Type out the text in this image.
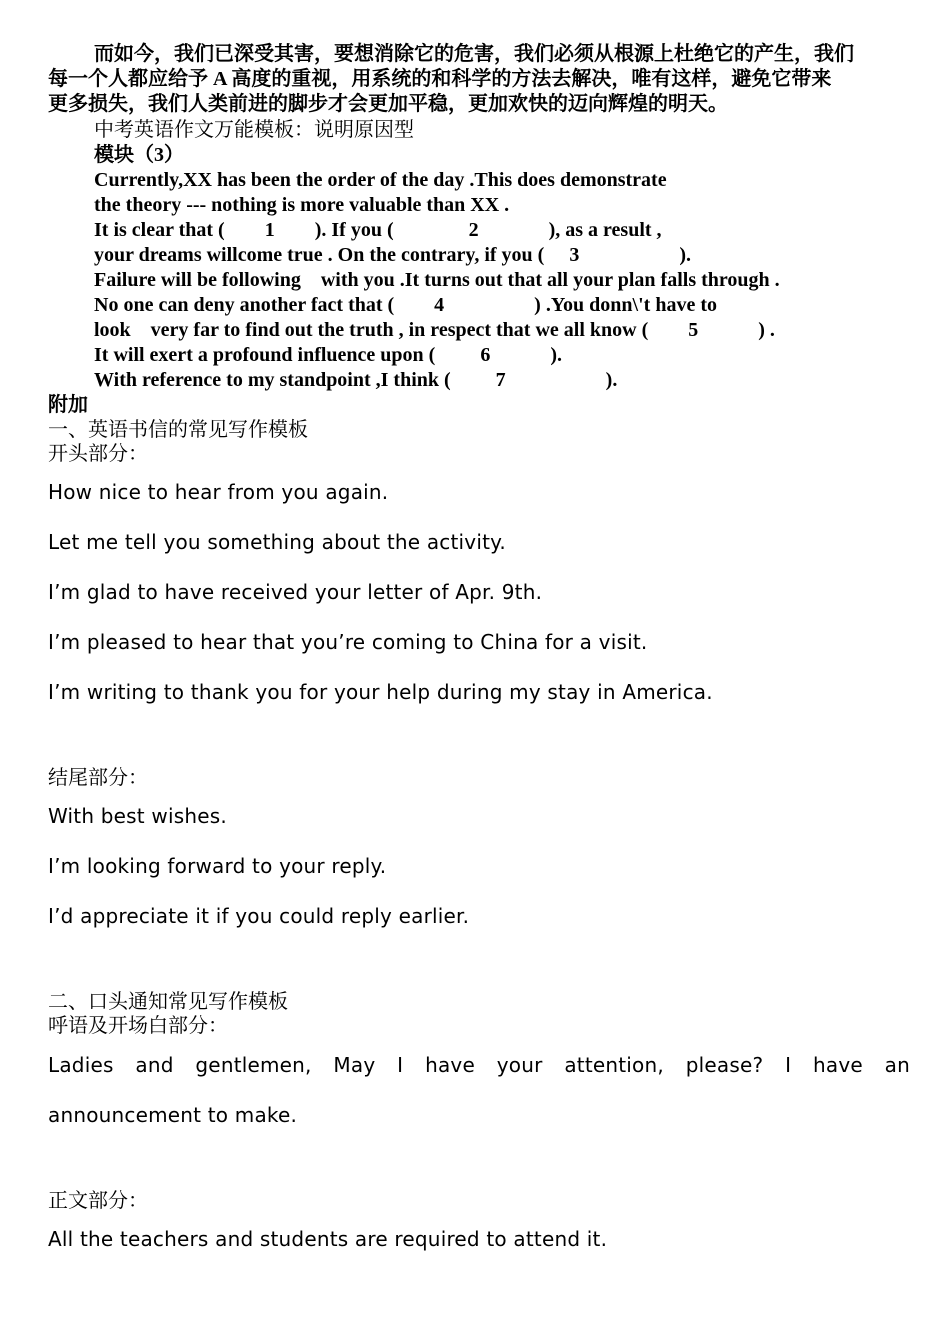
而如今，我们已深受其害，要想消除它的危害，我们必须从根源上杜绝它的产生，我们
每一个人都应给予 A 高度的重视，用系统的和科学的方法去解决，唯有这样，避免它带来
更多损失，我们人类前进的脚步才会更加平稳，更加欢快的迈向辉煌的明天。
中考英语作文万能模板：说明原因型
模块（3）
Currently,XX has been the order of the day .This does demonstrate
the theory --- nothing is more valuable than XX .
It is clear that (        1        ). If you (               2              ), as a result ,
your dreams willcome true . On the contrary, if you (     3                    ).
Failure will be following    with you .It turns out that all your plan falls through .
No one can deny another fact that (        4                  ) .You donn\'t have to
look    very far to find out the truth , in respect that we all know (        5            ) .
It will exert a profound influence upon (         6            ).
With reference to my standpoint ,I think (         7                    ).
附加
一、英语书信的常见写作模板
开头部分：
How nice to hear from you again.
Let me tell you something about the activity.
I’m glad to have received your letter of Apr. 9th.
I’m pleased to hear that you’re coming to China for a visit.
I’m writing to thank you for your help during my stay in America.
结尾部分：
With best wishes.
I’m looking forward to your reply.
I’d appreciate it if you could reply earlier.
二、口头通知常见写作模板
呼语及开场白部分：
Ladies and gentlemen, May I have your attention, please? I have an
announcement to make.
正文部分：
All the teachers and students are required to attend it.
